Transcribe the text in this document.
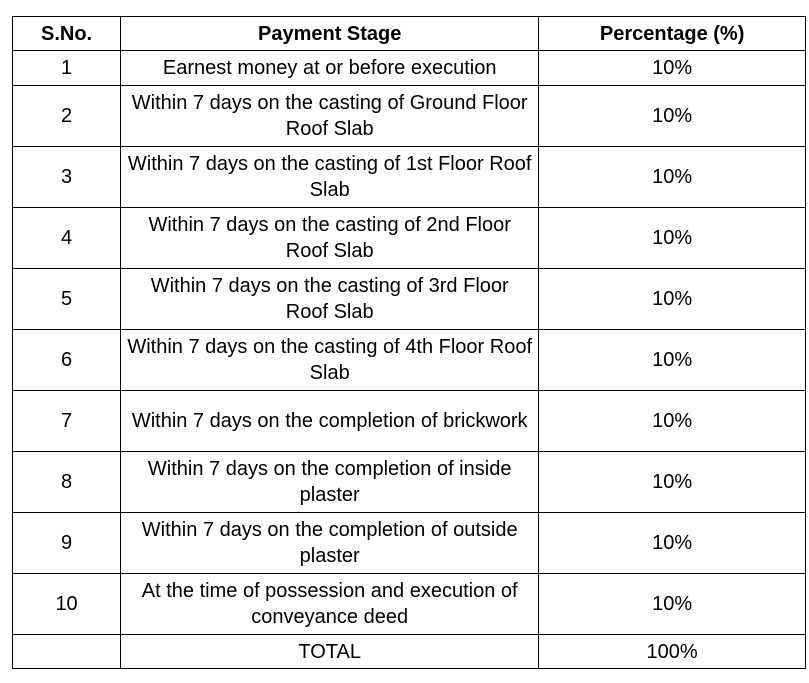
S.No.	Payment Stage	Percentage (%)
1	Earnest money at or before execution	10%
2	Within 7 days on the casting of Ground Floor Roof Slab	10%
3	Within 7 days on the casting of 1st Floor Roof Slab	10%
4	Within 7 days on the casting of 2nd Floor Roof Slab	10%
5	Within 7 days on the casting of 3rd Floor Roof Slab	10%
6	Within 7 days on the casting of 4th Floor Roof Slab	10%
7	Within 7 days on the completion of brickwork	10%
8	Within 7 days on the completion of inside plaster	10%
9	Within 7 days on the completion of outside plaster	10%
10	At the time of possession and execution of conveyance deed	10%
	TOTAL	100%
